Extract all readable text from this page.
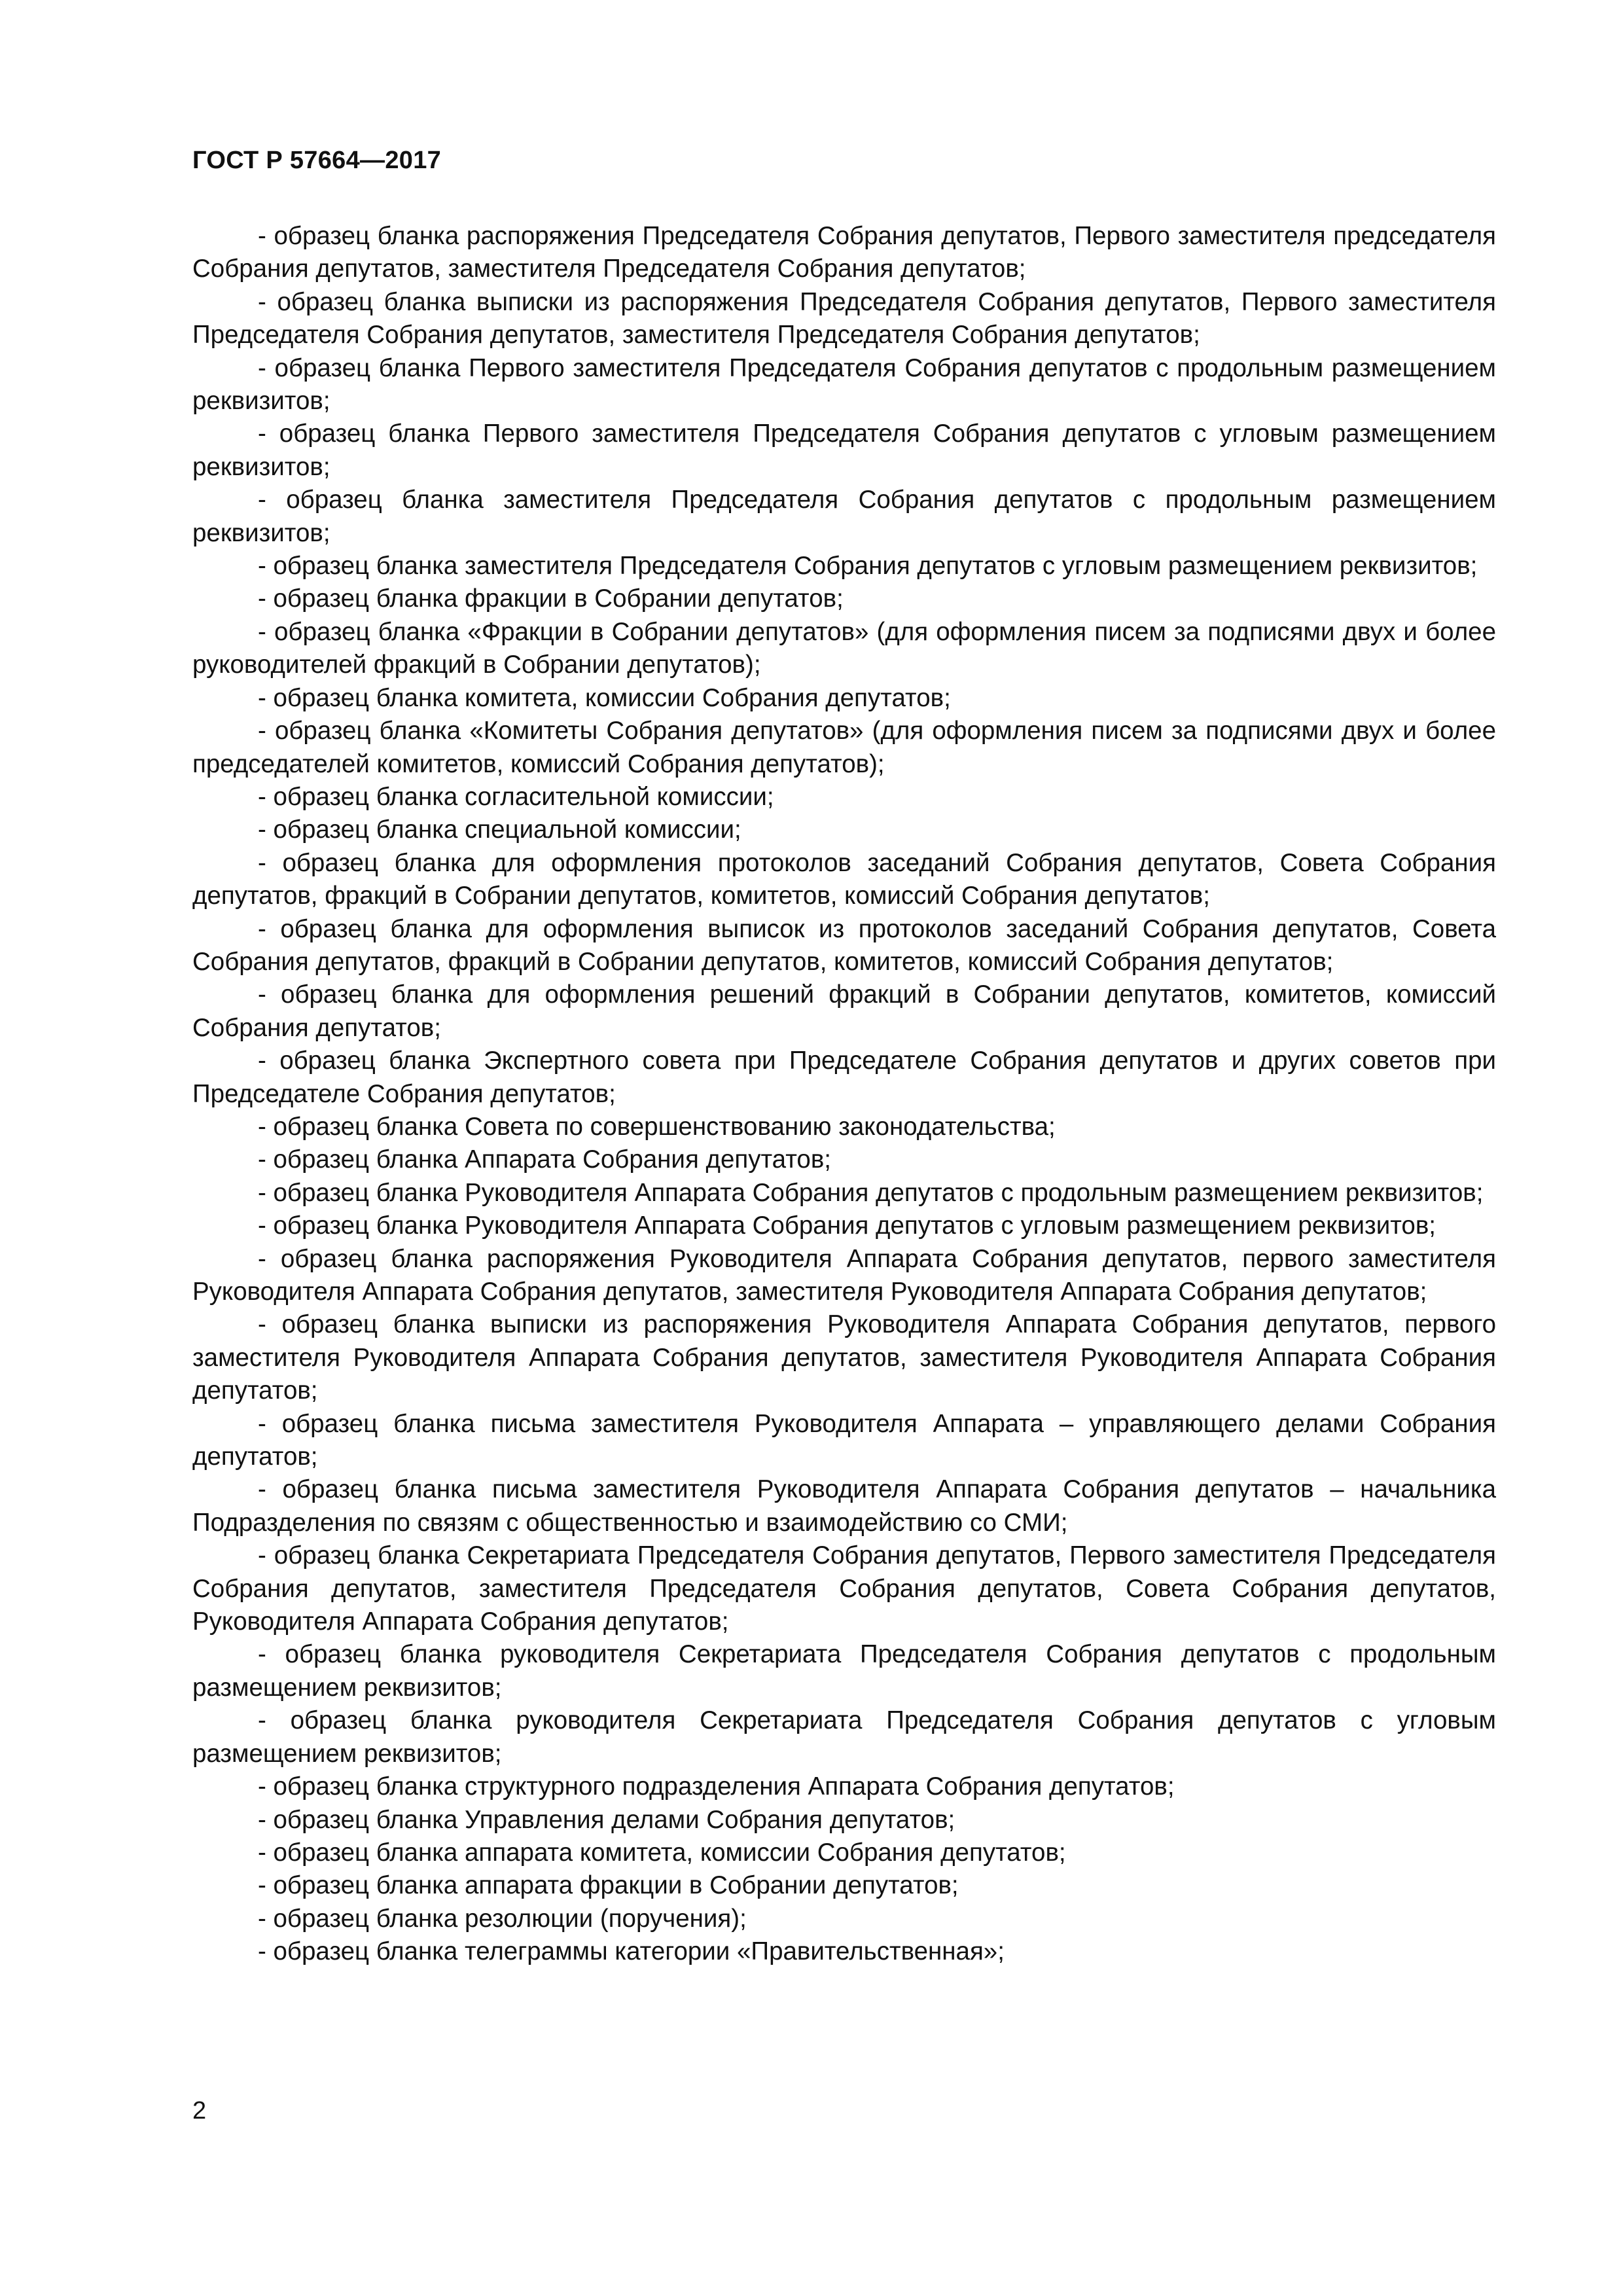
ГОСТ Р 57664—2017

- образец бланка распоряжения Председателя Собрания депутатов, Первого заместителя председателя Собрания депутатов, заместителя Председателя Собрания депутатов;

- образец бланка выписки из распоряжения Председателя Собрания депутатов, Первого заместителя Председателя Собрания депутатов, заместителя Председателя Собрания депутатов;

- образец бланка Первого заместителя Председателя Собрания депутатов с продольным размещением реквизитов;

- образец бланка Первого заместителя Председателя Собрания депутатов с угловым размещением реквизитов;

- образец бланка заместителя Председателя Собрания депутатов с продольным размещением реквизитов;

- образец бланка заместителя Председателя Собрания депутатов с угловым размещением реквизитов;

- образец бланка фракции в Собрании депутатов;

- образец бланка «Фракции в Собрании депутатов» (для оформления писем за подписями двух и более руководителей фракций в Собрании депутатов);

- образец бланка комитета, комиссии Собрания депутатов;

- образец бланка «Комитеты Собрания депутатов» (для оформления писем за подписями двух и более председателей комитетов, комиссий Собрания депутатов);

- образец бланка согласительной комиссии;

- образец бланка специальной комиссии;

- образец бланка для оформления протоколов заседаний Собрания депутатов, Совета Собрания депутатов, фракций в Собрании депутатов, комитетов, комиссий Собрания депутатов;

- образец бланка для оформления выписок из протоколов заседаний Собрания депутатов, Совета Собрания депутатов, фракций в Собрании депутатов, комитетов, комиссий Собрания депутатов;

- образец бланка для оформления решений фракций в Собрании депутатов, комитетов, комиссий Собрания депутатов;

- образец бланка Экспертного совета при Председателе Собрания депутатов и других советов при Председателе Собрания депутатов;

- образец бланка Совета по совершенствованию законодательства;

- образец бланка Аппарата Собрания депутатов;

- образец бланка Руководителя Аппарата Собрания депутатов с продольным размещением реквизитов;

- образец бланка Руководителя Аппарата Собрания депутатов с угловым размещением реквизитов;

- образец бланка распоряжения Руководителя Аппарата Собрания депутатов, первого заместителя Руководителя Аппарата Собрания депутатов, заместителя Руководителя Аппарата Собрания депутатов;

- образец бланка выписки из распоряжения Руководителя Аппарата Собрания депутатов, первого заместителя Руководителя Аппарата Собрания депутатов, заместителя Руководителя Аппарата Собрания депутатов;

- образец бланка письма заместителя Руководителя Аппарата – управляющего делами Собрания депутатов;

- образец бланка письма заместителя Руководителя Аппарата Собрания депутатов – начальника Подразделения по связям с общественностью и взаимодействию со СМИ;

- образец бланка Секретариата Председателя Собрания депутатов, Первого заместителя Председателя Собрания депутатов, заместителя Председателя Собрания депутатов, Совета Собрания депутатов, Руководителя Аппарата Собрания депутатов;

- образец бланка руководителя Секретариата Председателя Собрания депутатов с продольным размещением реквизитов;

- образец бланка руководителя Секретариата Председателя Собрания депутатов с угловым размещением реквизитов;

- образец бланка структурного подразделения Аппарата Собрания депутатов;

- образец бланка Управления делами Собрания депутатов;

- образец бланка аппарата комитета, комиссии Собрания депутатов;

- образец бланка аппарата фракции в Собрании депутатов;

- образец бланка резолюции (поручения);

- образец бланка телеграммы категории «Правительственная»;

2
